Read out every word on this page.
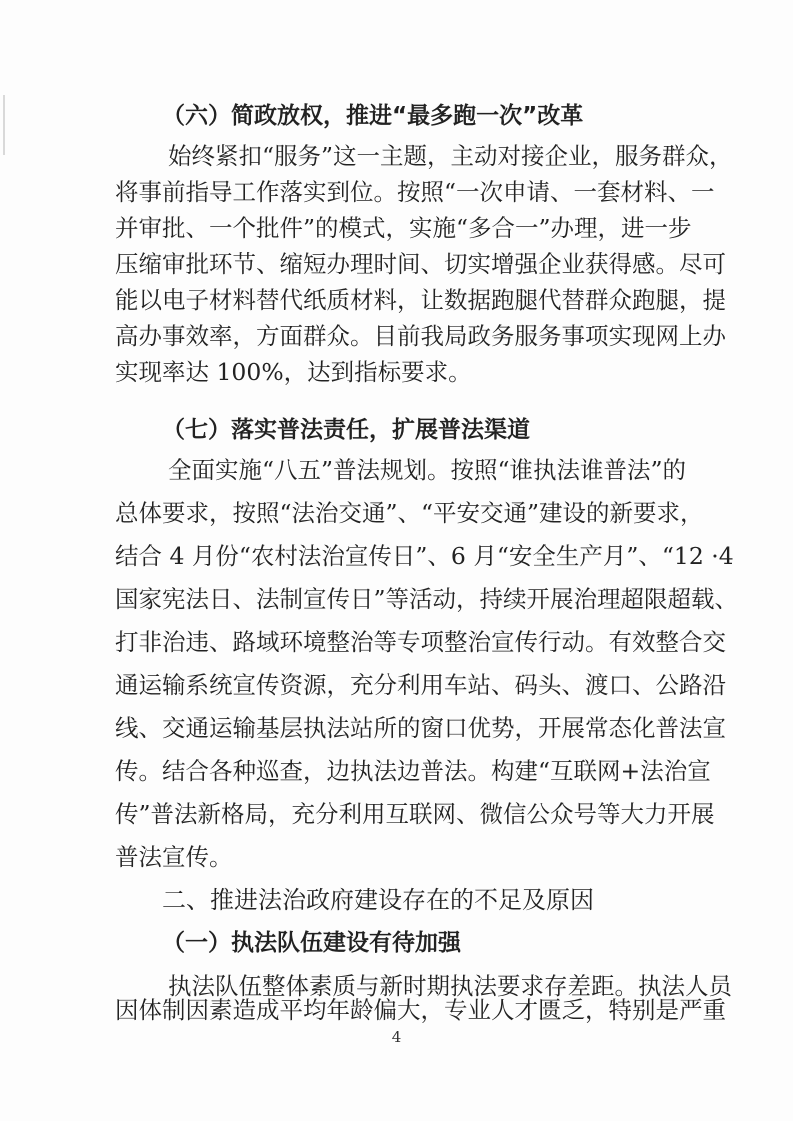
（六）简政放权，推进“最多跑一次”改革
始终紧扣“服务”这一主题，主动对接企业，服务群众，
将事前指导工作落实到位。按照“一次申请、一套材料、一
并审批、一个批件”的模式，实施“多合一”办理，进一步
压缩审批环节、缩短办理时间、切实增强企业获得感。尽可
能以电子材料替代纸质材料，让数据跑腿代替群众跑腿，提
高办事效率，方面群众。目前我局政务服务事项实现网上办
实现率达 100%，达到指标要求。
（七）落实普法责任，扩展普法渠道
全面实施“八五”普法规划。按照“谁执法谁普法”的
总体要求，按照“法治交通”、“平安交通”建设的新要求，
结合 4 月份“农村法治宣传日”、6 月“安全生产月”、“12 ·4
国家宪法日、法制宣传日”等活动，持续开展治理超限超载、
打非治违、路域环境整治等专项整治宣传行动。有效整合交
通运输系统宣传资源，充分利用车站、码头、渡口、公路沿
线、交通运输基层执法站所的窗口优势，开展常态化普法宣
传。结合各种巡查，边执法边普法。构建“互联网+法治宣
传”普法新格局，充分利用互联网、微信公众号等大力开展
普法宣传。
二、推进法治政府建设存在的不足及原因
（一）执法队伍建设有待加强
执法队伍整体素质与新时期执法要求存差距。执法人员
因体制因素造成平均年龄偏大，专业人才匮乏，特别是严重
4
